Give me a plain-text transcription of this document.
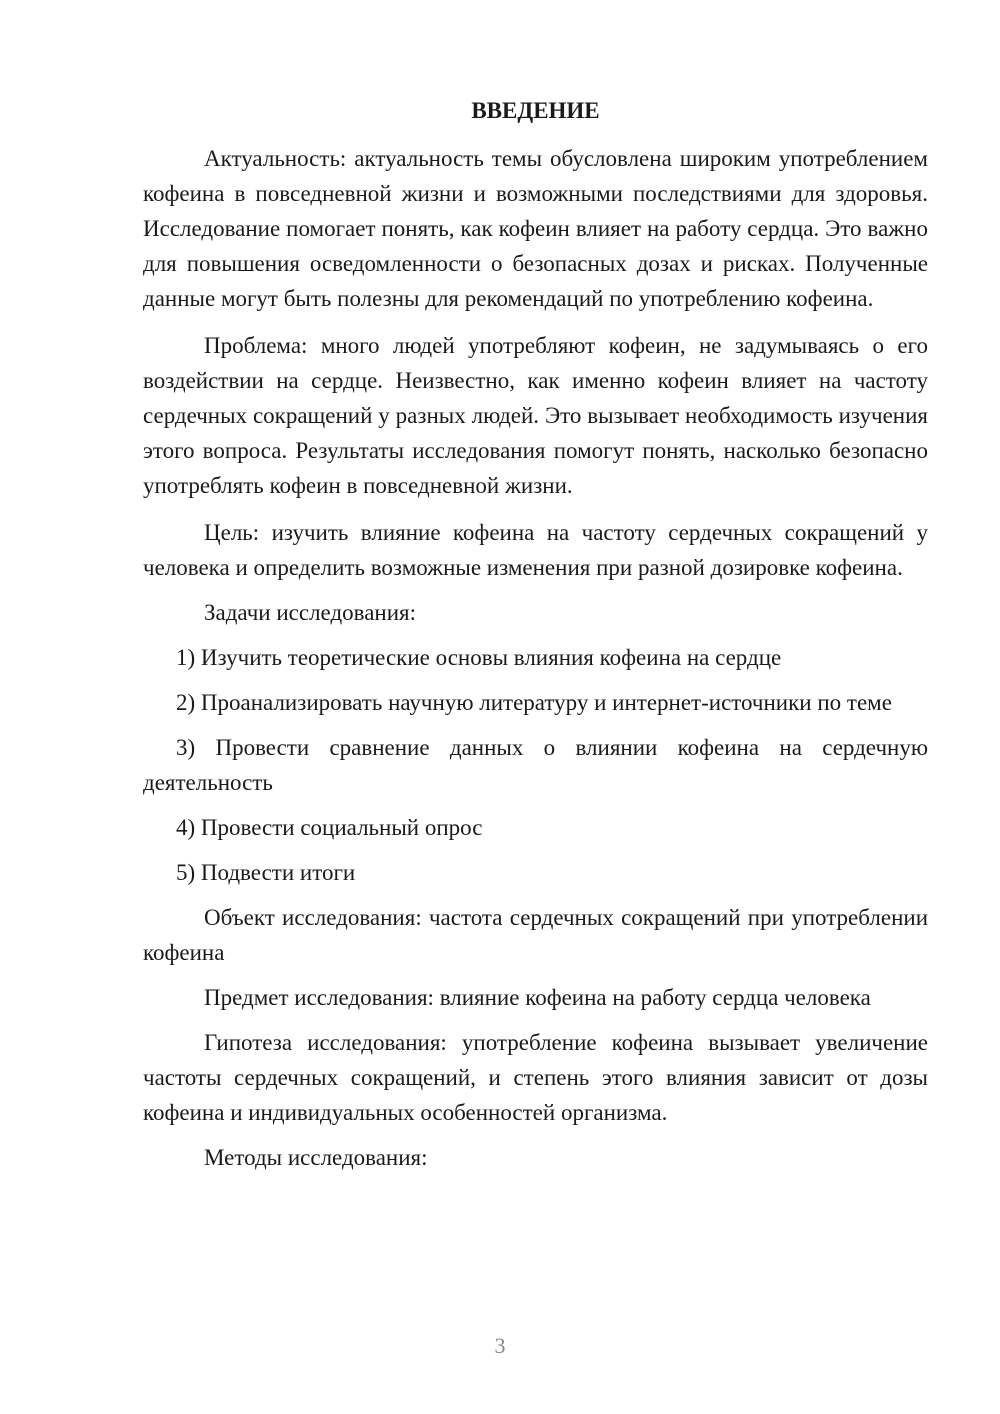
ВВЕДЕНИЕ

Актуальность: актуальность темы обусловлена широким употреблением кофеина в повседневной жизни и возможными последствиями для здоровья. Исследование помогает понять, как кофеин влияет на работу сердца. Это важно для повышения осведомленности о безопасных дозах и рисках. Полученные данные могут быть полезны для рекомендаций по употреблению кофеина.

Проблема: много людей употребляют кофеин, не задумываясь о его воздействии на сердце. Неизвестно, как именно кофеин влияет на частоту сердечных сокращений у разных людей. Это вызывает необходимость изучения этого вопроса. Результаты исследования помогут понять, насколько безопасно употреблять кофеин в повседневной жизни.

Цель: изучить влияние кофеина на частоту сердечных сокращений у человека и определить возможные изменения при разной дозировке кофеина.

Задачи исследования:

1) Изучить теоретические основы влияния кофеина на сердце

2) Проанализировать научную литературу и интернет-источники по теме

3) Провести сравнение данных о влиянии кофеина на сердечную деятельность

4) Провести социальный опрос

5) Подвести итоги

Объект исследования: частота сердечных сокращений при употреблении кофеина

Предмет исследования: влияние кофеина на работу сердца человека

Гипотеза исследования: употребление кофеина вызывает увеличение частоты сердечных сокращений, и степень этого влияния зависит от дозы кофеина и индивидуальных особенностей организма.

Методы исследования:

3
